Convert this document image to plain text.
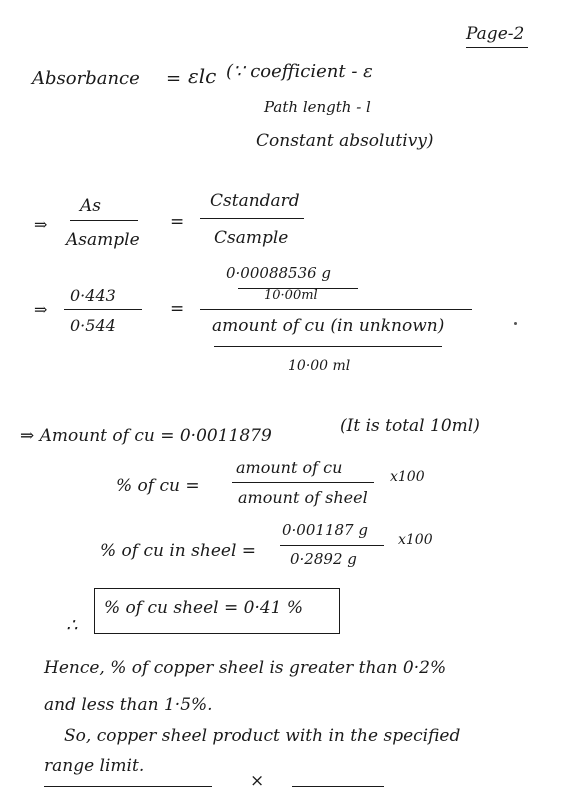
Page-2
Absorbance = εlc (∵ coefficient - ε
Path length - l
Constant absolutivy)
⇒
As
Asample
=
Cstandard
Csample
⇒
0·443
0·544
=
0·00088536 g
10·00ml
amount of cu (in unknown)
10·00 ml
⇒ Amount of cu = 0·0011879	(It is total 10ml)
% of cu =
amount of cu
amount of sheel
x100
% of cu in sheel =
0·001187 g
0·2892 g
x100
∴
% of cu sheel = 0·41 %
Hence, % of copper sheel is greater than 0·2%
and less than 1·5%.
So, copper sheel product with in the specified
range limit.
×
